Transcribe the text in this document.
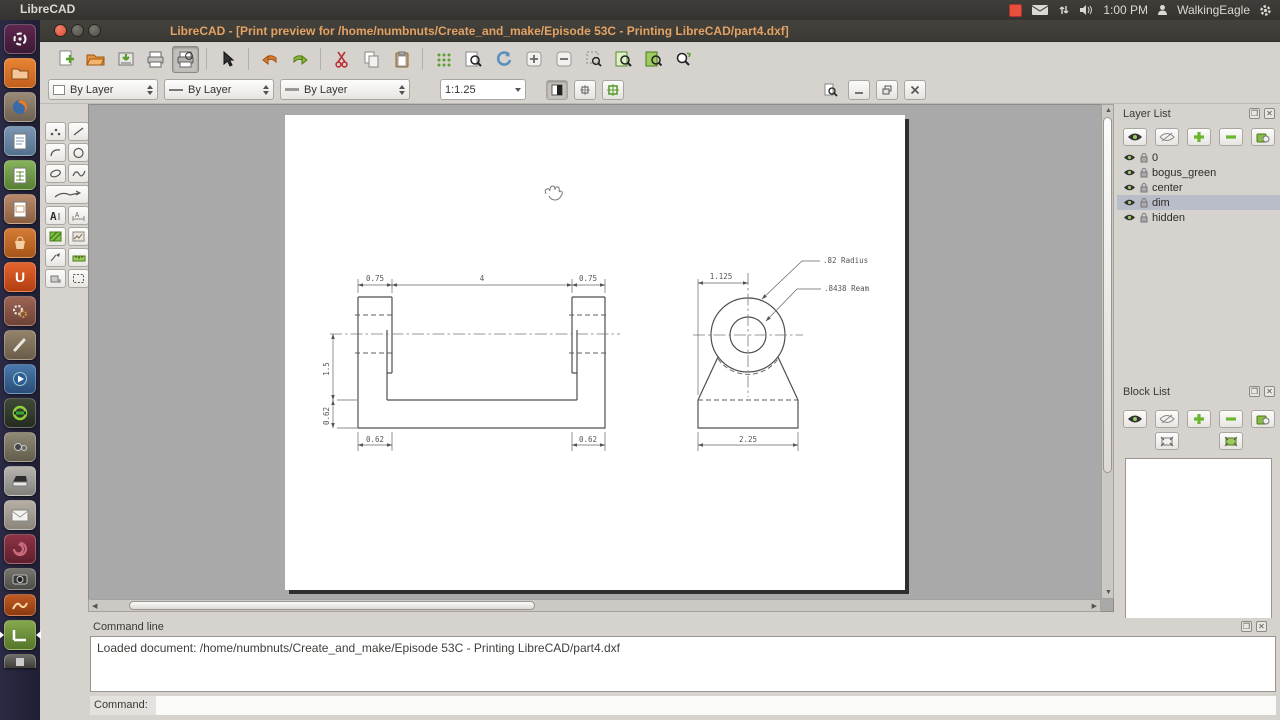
LibreCAD	1:00 PM WalkingEagle
LibreCAD - [Print preview for /home/numbnuts/Create_and_make/Episode 53C - Printing LibreCAD/part4.dxf]
U
By Layer	By Layer	By Layer	1:1.25
A	A
0.75	4	0.75
0.62	0.62
1.5
0.62
1.125
2.25
.82 Radius
.8438 Ream
◀	▶
▲
▼
Layer List	❐ ✕
0
bogus_green
center
dim
hidden
Block List	❐ ✕
Command line	❐ ✕
Loaded document: /home/numbnuts/Create_and_make/Episode 53C - Printing LibreCAD/part4.dxf
Command:
